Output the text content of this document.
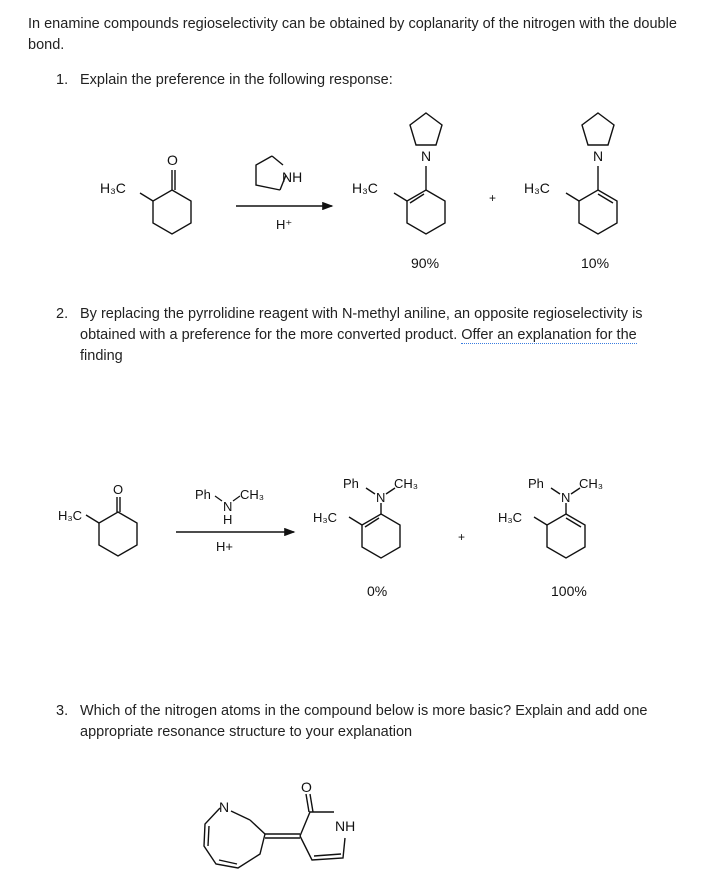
In enamine compounds regioselectivity can be obtained by coplanarity of the nitrogen with the double bond.
1. Explain the preference in the following response:
2. By replacing the pyrrolidine reagent with N-methyl aniline, an opposite regioselectivity is obtained with a preference for the more converted product. Offer an explanation for the finding
3. Which of the nitrogen atoms in the compound below is more basic? Explain and add one appropriate resonance structure to your explanation
90%	10%
0%	100%
O
H₃C
NH
H⁺
N
H₃C
+
N
H₃C
O
H₃C
Ph CH₃
N
H
H+
Ph	CH₃
N
H₃C
+
Ph	CH₃
N
H₃C
N
O
NH
